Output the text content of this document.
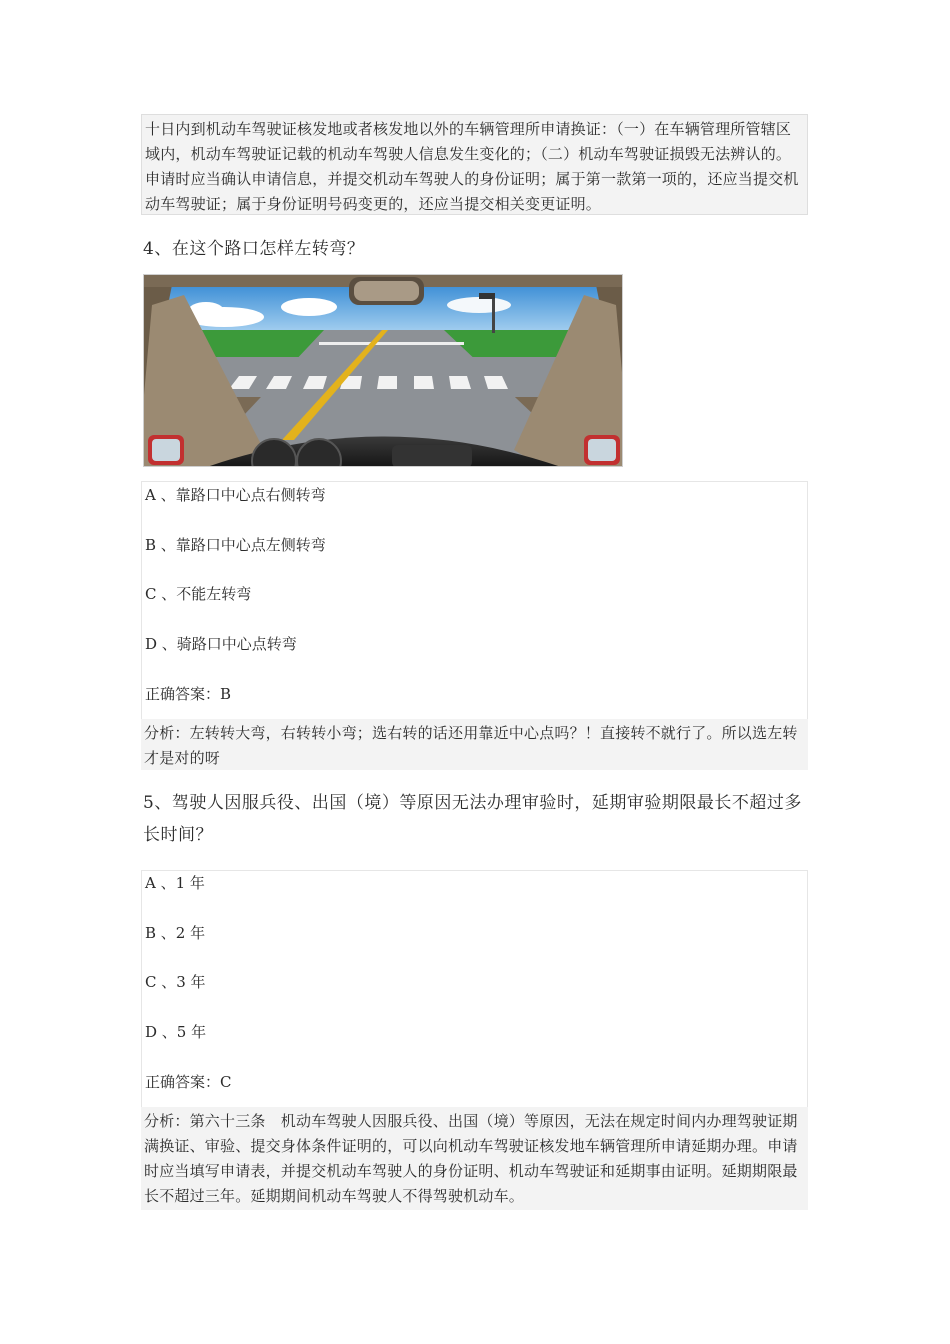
十日内到机动车驾驶证核发地或者核发地以外的车辆管理所申请换证：（一）在车辆管理所管辖区域内，机动车驾驶证记载的机动车驾驶人信息发生变化的；（二）机动车驾驶证损毁无法辨认的。申请时应当确认申请信息，并提交机动车驾驶人的身份证明；属于第一款第一项的，还应当提交机动车驾驶证；属于身份证明号码变更的，还应当提交相关变更证明。
4、在这个路口怎样左转弯？
A 、靠路口中心点右侧转弯
B 、靠路口中心点左侧转弯
C 、不能左转弯
D 、骑路口中心点转弯
正确答案：B
分析：左转转大弯，右转转小弯；选右转的话还用靠近中心点吗？！直接转不就行了。所以选左转才是对的呀
5、驾驶人因服兵役、出国（境）等原因无法办理审验时，延期审验期限最长不超过多长时间？
A 、1 年
B 、2 年
C 、3 年
D 、5 年
正确答案：C
分析：第六十三条　机动车驾驶人因服兵役、出国（境）等原因，无法在规定时间内办理驾驶证期满换证、审验、提交身体条件证明的，可以向机动车驾驶证核发地车辆管理所申请延期办理。申请时应当填写申请表，并提交机动车驾驶人的身份证明、机动车驾驶证和延期事由证明。延期期限最长不超过三年。延期期间机动车驾驶人不得驾驶机动车。
